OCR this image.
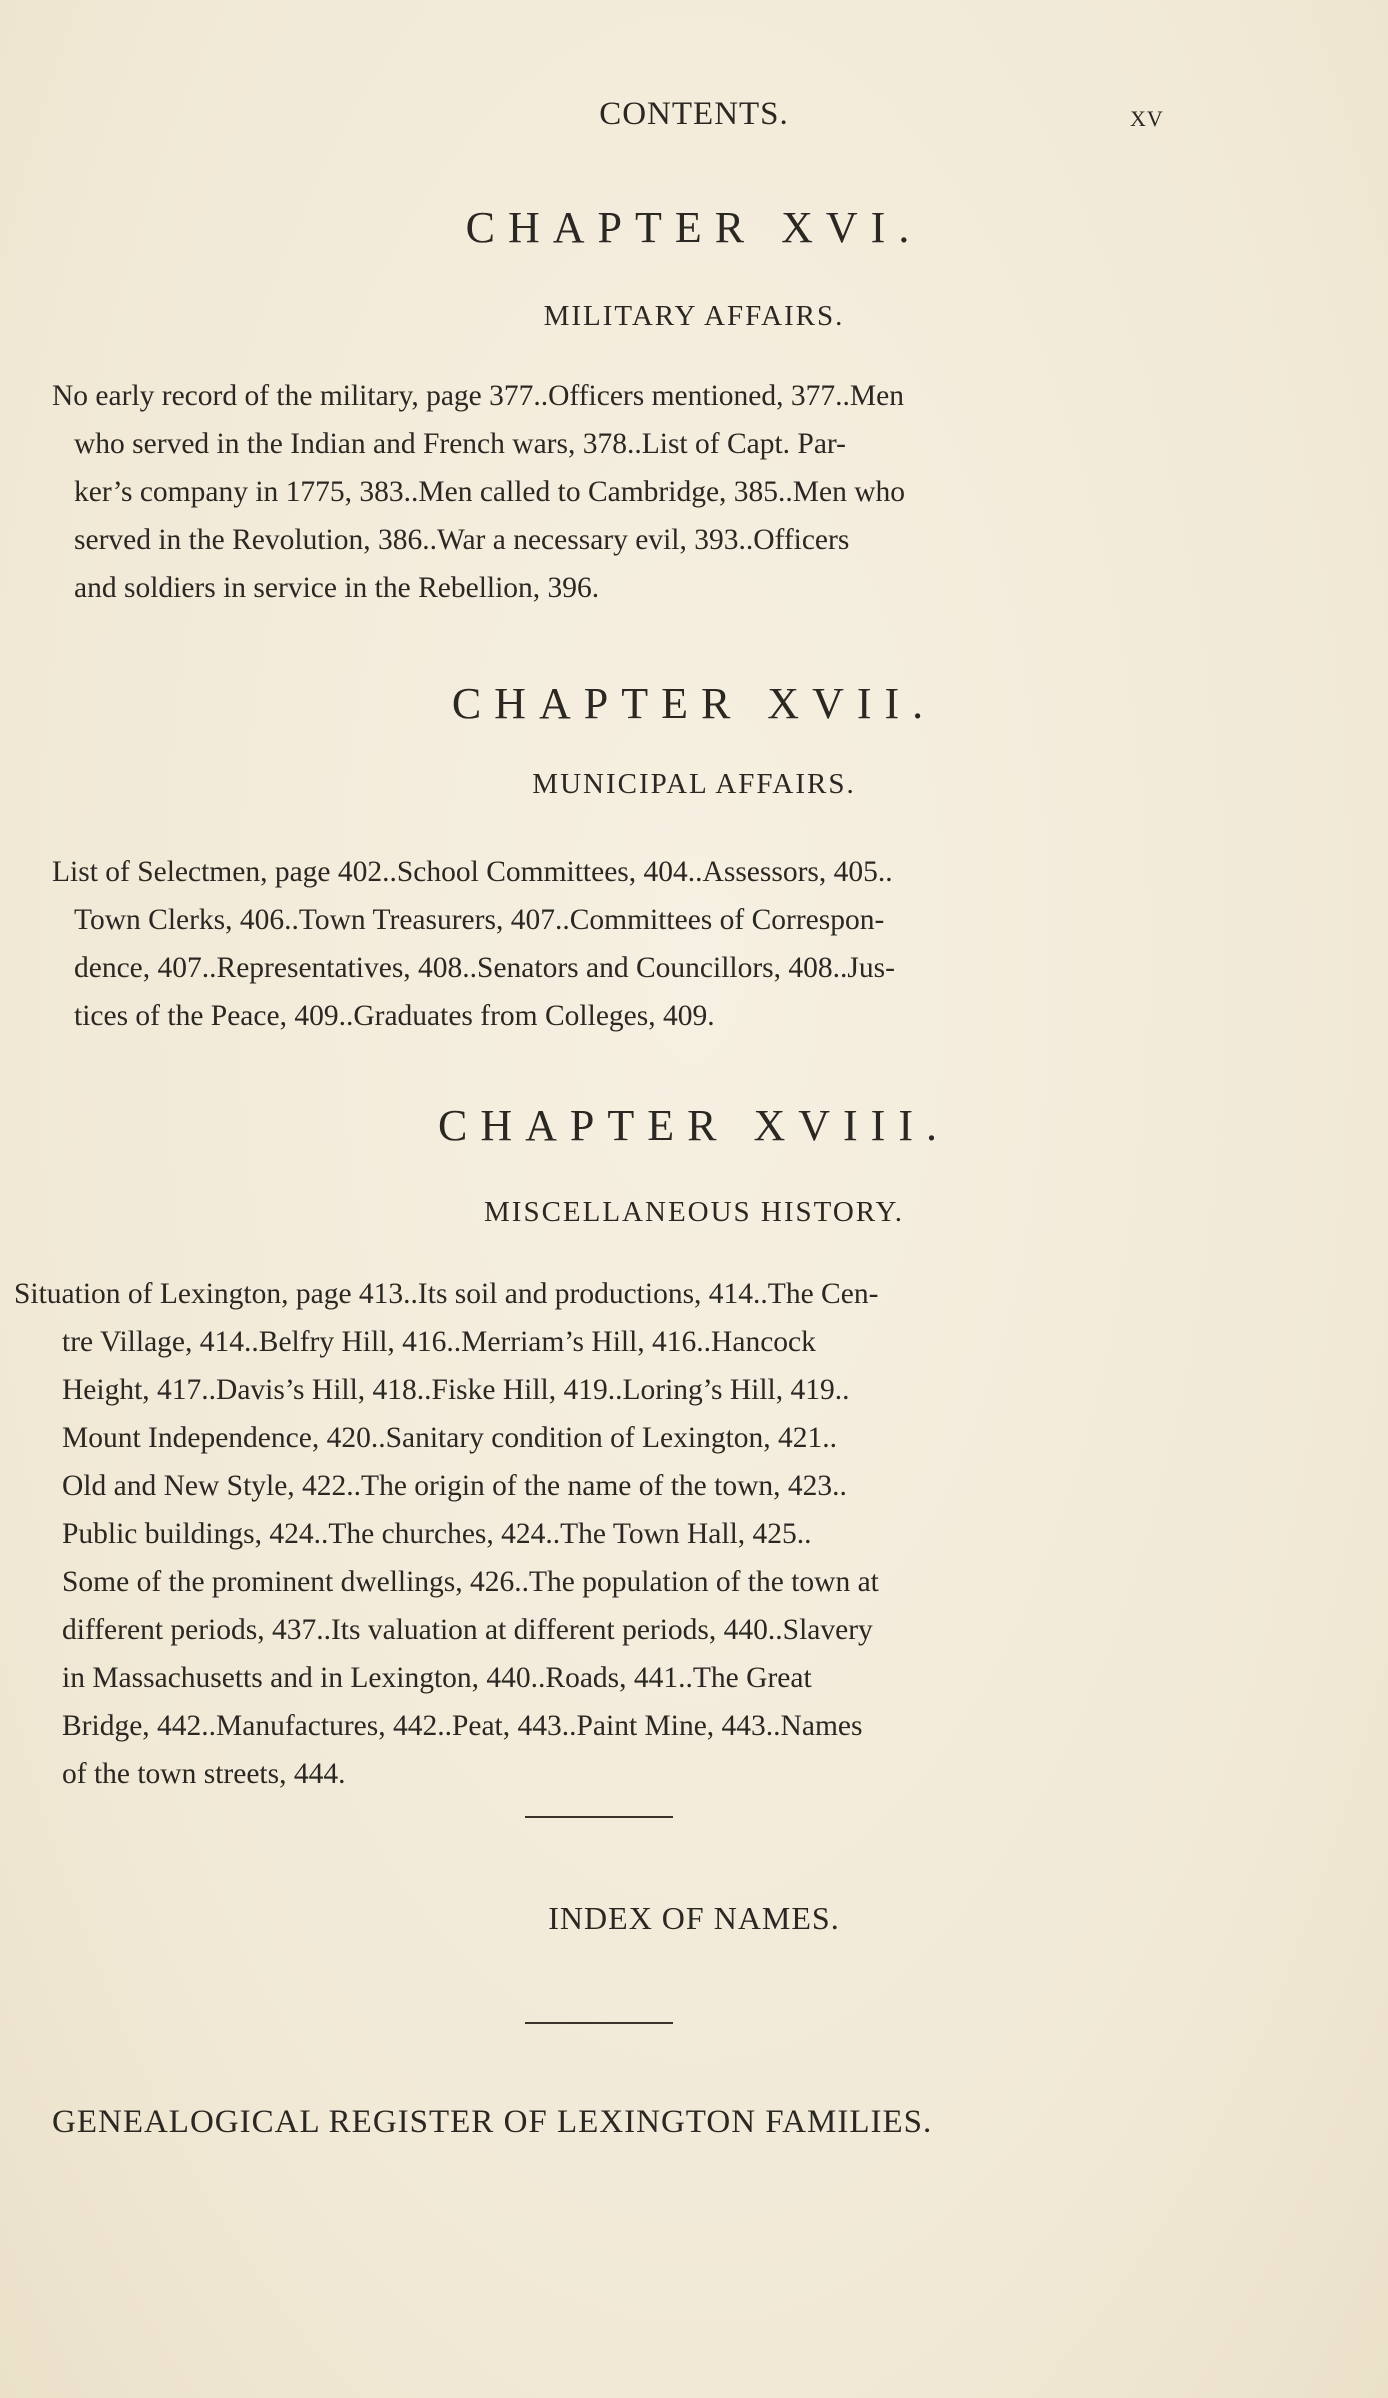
CONTENTS.	xv
CHAPTER XVI.
MILITARY AFFAIRS.
No early record of the military, page 377..Officers mentioned, 377..Men
who served in the Indian and French wars, 378..List of Capt. Par-
ker’s company in 1775, 383..Men called to Cambridge, 385..Men who
served in the Revolution, 386..War a necessary evil, 393..Officers
and soldiers in service in the Rebellion, 396.
CHAPTER XVII.
MUNICIPAL AFFAIRS.
List of Selectmen, page 402..School Committees, 404..Assessors, 405..
Town Clerks, 406..Town Treasurers, 407..Committees of Correspon-
dence, 407..Representatives, 408..Senators and Councillors, 408..Jus-
tices of the Peace, 409..Graduates from Colleges, 409.
CHAPTER XVIII.
MISCELLANEOUS HISTORY.
Situation of Lexington, page 413..Its soil and productions, 414..The Cen-
tre Village, 414..Belfry Hill, 416..Merriam’s Hill, 416..Hancock
Height, 417..Davis’s Hill, 418..Fiske Hill, 419..Loring’s Hill, 419..
Mount Independence, 420..Sanitary condition of Lexington, 421..
Old and New Style, 422..The origin of the name of the town, 423..
Public buildings, 424..The churches, 424..The Town Hall, 425..
Some of the prominent dwellings, 426..The population of the town at
different periods, 437..Its valuation at different periods, 440..Slavery
in Massachusetts and in Lexington, 440..Roads, 441..The Great
Bridge, 442..Manufactures, 442..Peat, 443..Paint Mine, 443..Names
of the town streets, 444.
INDEX OF NAMES.
GENEALOGICAL REGISTER OF LEXINGTON FAMILIES.
